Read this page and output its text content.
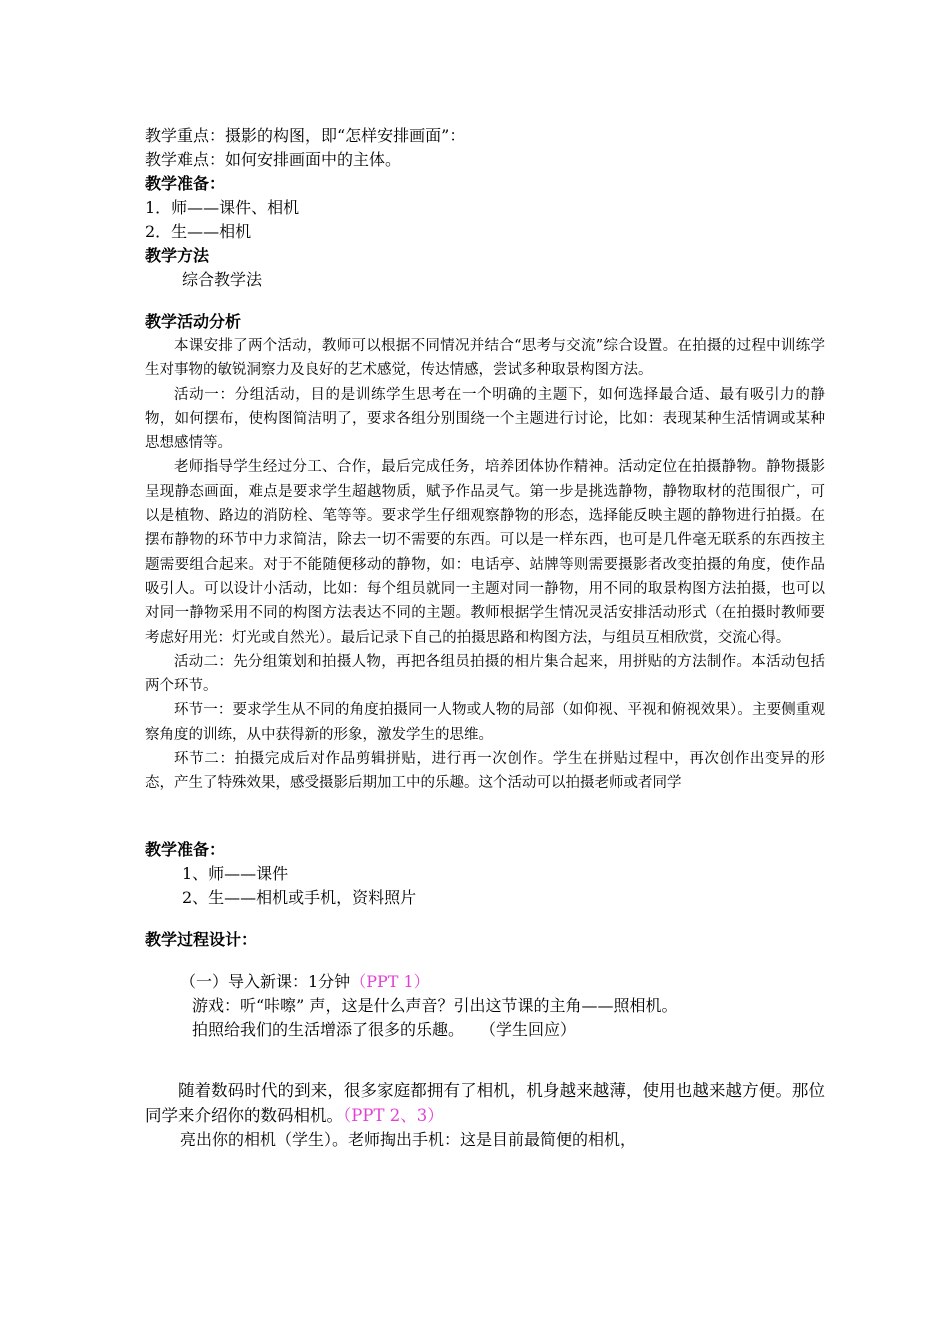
教学重点：摄影的构图，即“怎样安排画面”：
教学难点：如何安排画面中的主体。
教学准备：
1．师——课件、相机
2．生——相机
教学方法
综合教学法
教学活动分析

本课安排了两个活动，教师可以根据不同情况并结合“思考与交流”综合设置。在拍摄的过程中训练学生对事物的敏锐洞察力及良好的艺术感觉，传达情感，尝试多种取景构图方法。

活动一：分组活动，目的是训练学生思考在一个明确的主题下，如何选择最合适、最有吸引力的静物，如何摆布，使构图简洁明了，要求各组分别围绕一个主题进行讨论，比如：表现某种生活情调或某种思想感情等。

老师指导学生经过分工、合作，最后完成任务，培养团体协作精神。活动定位在拍摄静物。静物摄影呈现静态画面，难点是要求学生超越物质，赋予作品灵气。第一步是挑选静物，静物取材的范围很广，可以是植物、路边的消防栓、笔等等。要求学生仔细观察静物的形态，选择能反映主题的静物进行拍摄。在摆布静物的环节中力求简洁，除去一切不需要的东西。可以是一样东西，也可是几件毫无联系的东西按主题需要组合起来。对于不能随便移动的静物，如：电话亭、站牌等则需要摄影者改变拍摄的角度，使作品吸引人。可以设计小活动，比如：每个组员就同一主题对同一静物，用不同的取景构图方法拍摄，也可以对同一静物采用不同的构图方法表达不同的主题。教师根据学生情况灵活安排活动形式（在拍摄时教师要考虑好用光：灯光或自然光）。最后记录下自己的拍摄思路和构图方法，与组员互相欣赏，交流心得。

活动二：先分组策划和拍摄人物，再把各组员拍摄的相片集合起来，用拼贴的方法制作。本活动包括两个环节。

环节一：要求学生从不同的角度拍摄同一人物或人物的局部（如仰视、平视和俯视效果）。主要侧重观察角度的训练，从中获得新的形象，激发学生的思维。

环节二：拍摄完成后对作品剪辑拼贴，进行再一次创作。学生在拼贴过程中，再次创作出变异的形态，产生了特殊效果，感受摄影后期加工中的乐趣。这个活动可以拍摄老师或者同学

教学准备：
1、师——课件
2、生——相机或手机，资料照片
教学过程设计：
（一）导入新课：1分钟（PPT 1）
游戏：听“咔嚓” 声，这是什么声音？引出这节课的主角——照相机。
拍照给我们的生活增添了很多的乐趣。　　（学生回应）

随着数码时代的到来，很多家庭都拥有了相机，机身越来越薄，使用也越来越方便。那位同学来介绍你的数码相机。（PPT 2、3）

亮出你的相机（学生）。老师掏出手机：这是目前最简便的相机，
